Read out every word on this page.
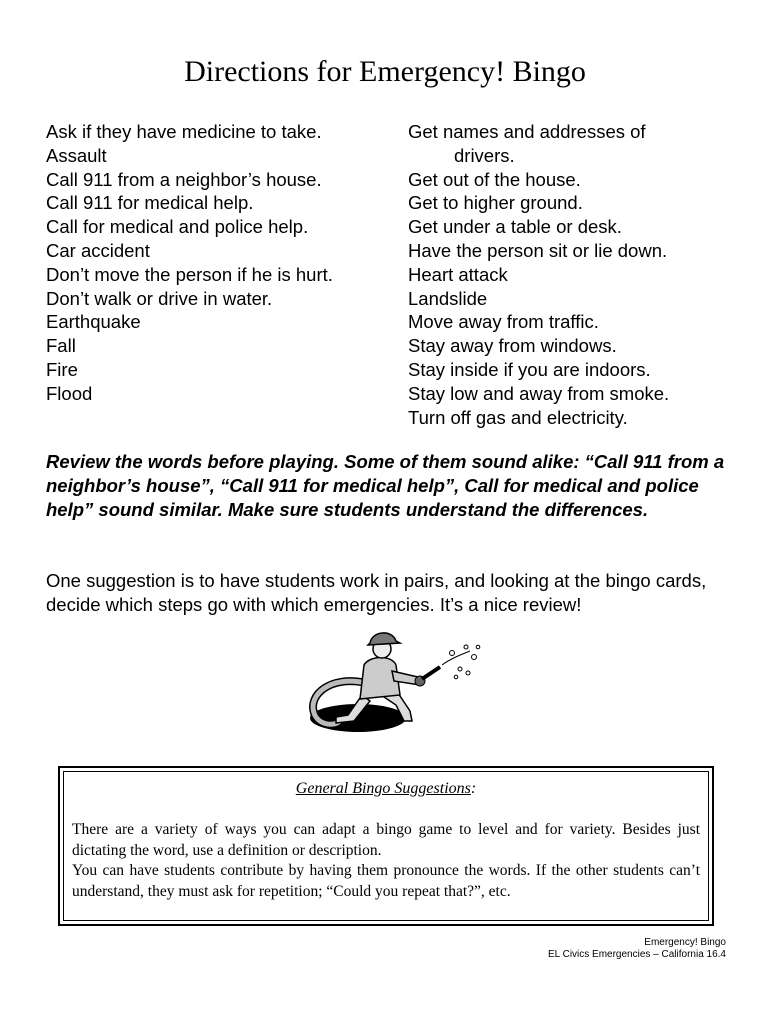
Directions for Emergency! Bingo
Ask if they have medicine to take.
Assault
Call 911 from a neighbor’s house.
Call 911 for medical help.
Call for medical and police help.
Car accident
Don’t move the person if he is hurt.
Don’t walk or drive in water.
Earthquake
Fall
Fire
Flood
Get names and addresses of
drivers.
Get out of the house.
Get to higher ground.
Get under a table or desk.
Have the person sit or lie down.
Heart attack
Landslide
Move away from traffic.
Stay away from windows.
Stay inside if you are indoors.
Stay low and away from smoke.
Turn off gas and electricity.
Review the words before playing. Some of them sound alike: “Call 911 from a neighbor’s house”, “Call 911 for medical help”, Call for medical and police help” sound similar. Make sure students understand the differences.
One suggestion is to have students work in pairs, and looking at the bingo cards, decide which steps go with which emergencies. It’s a nice review!
General Bingo Suggestions:

There are a variety of ways you can adapt a bingo game to level and for variety. Besides just dictating the word, use a definition or description.

You can have students contribute by having them pronounce the words. If the other students can’t understand, they must ask for repetition; “Could you repeat that?”, etc.

Emergency! Bingo
EL Civics Emergencies – California 16.4
